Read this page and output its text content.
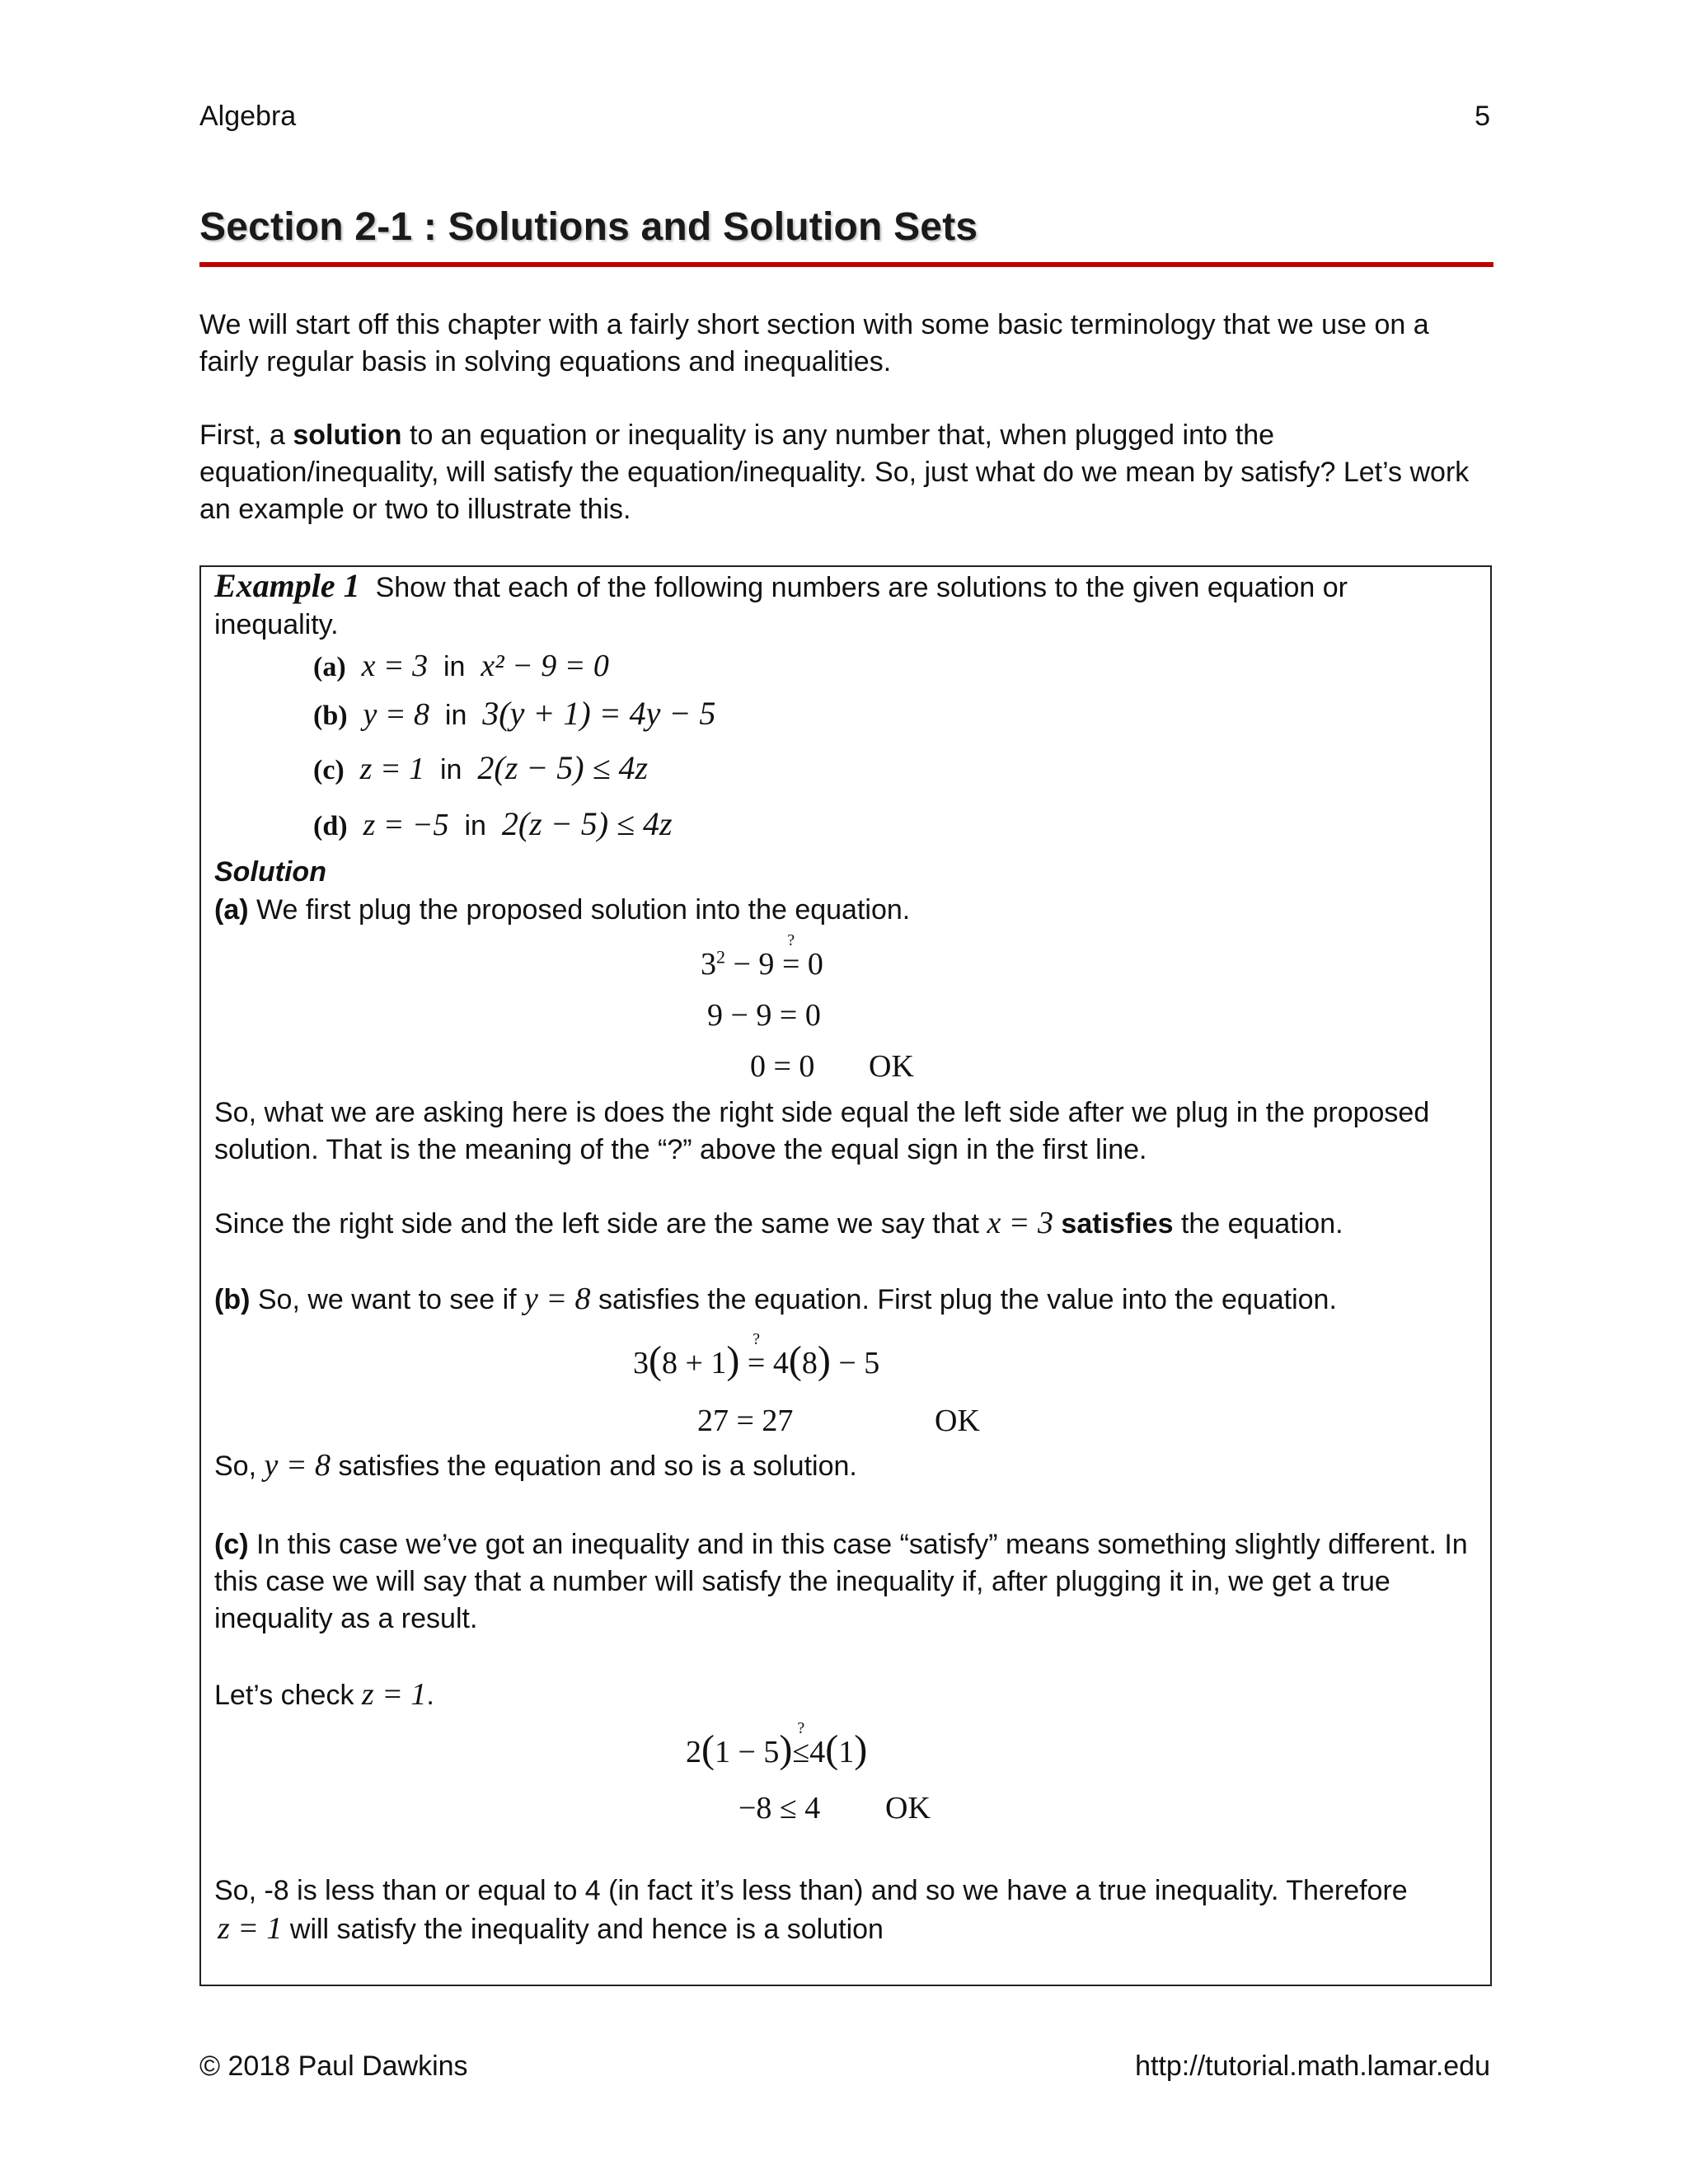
Algebra	5
Section 2-1 : Solutions and Solution Sets
We will start off this chapter with a fairly short section with some basic terminology that we use on a fairly regular basis in solving equations and inequalities.
First, a solution to an equation or inequality is any number that, when plugged into the equation/inequality, will satisfy the equation/inequality. So, just what do we mean by satisfy? Let’s work an example or two to illustrate this.
Example 1 Show that each of the following numbers are solutions to the given equation or inequality.
(a) x = 3 in x² − 9 = 0
(b) y = 8 in 3(y + 1) = 4y − 5
(c) z = 1 in 2(z − 5) ≤ 4z
(d) z = −5 in 2(z − 5) ≤ 4z
Solution
(a) We first plug the proposed solution into the equation.
$3^2 - 9$ =
?
0
9 − 9 = 0
0 = 0 OK
So, what we are asking here is does the right side equal the left side after we plug in the proposed solution. That is the meaning of the “?” above the equal sign in the first line.
Since the right side and the left side are the same we say that x = 3 satisfies the equation.
(b) So, we want to see if y = 8 satisfies the equation. First plug the value into the equation.
3(8 + 1) =
?
4(8) − 5
27 = 27	OK
So, y = 8 satisfies the equation and so is a solution.
(c) In this case we’ve got an inequality and in this case “satisfy” means something slightly different. In this case we will say that a number will satisfy the inequality if, after plugging it in, we get a true inequality as a result.
Let’s check z = 1.
2(1 − 5)≤
?
4(1)
−8 ≤ 4 OK
So, -8 is less than or equal to 4 (in fact it’s less than) and so we have a true inequality. Therefore
z = 1 will satisfy the inequality and hence is a solution
© 2018 Paul Dawkins	http://tutorial.math.lamar.edu
